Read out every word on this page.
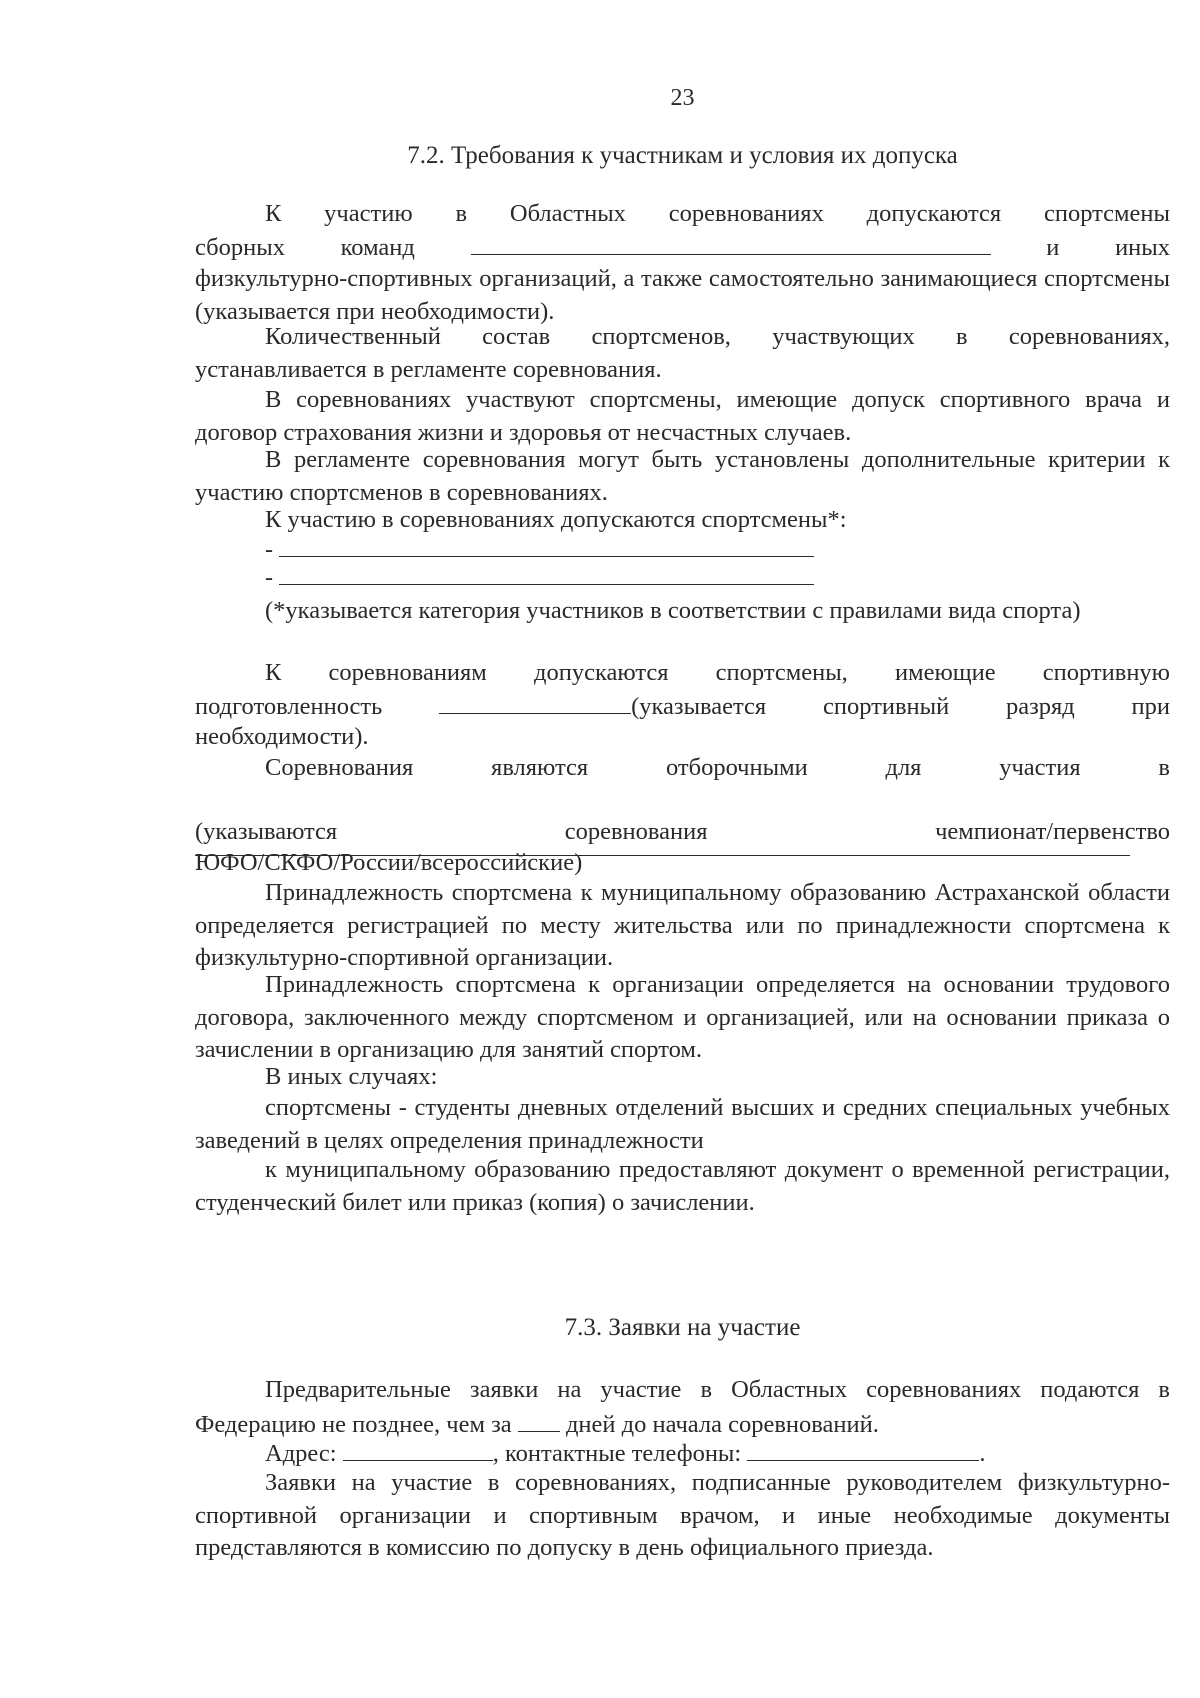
23
7.2. Требования к участникам и условия их допуска
К участию в Областных соревнованиях допускаются спортсмены
сборных команд	и иных
физкультурно-спортивных организаций, а также самостоятельно занимающиеся спортсмены (указывается при необходимости).
Количественный состав спортсменов, участвующих в соревнованиях, устанавливается в регламенте соревнования.
В соревнованиях участвуют спортсмены, имеющие допуск спортивного врача и договор страхования жизни и здоровья от несчастных случаев.
В регламенте соревнования могут быть установлены дополнительные критерии к участию спортсменов в соревнованиях.
К участию в соревнованиях допускаются спортсмены*:
-
-
(*указывается категория участников в соответствии с правилами вида спорта)
К соревнованиям допускаются спортсмены, имеющие спортивную
подготовленность	(указывается спортивный разряд при
необходимости).
Соревнования являются отборочными для участия в
(указываются соревнования чемпионат/первенство
ЮФО/СКФО/России/всероссийские)
Принадлежность спортсмена к муниципальному образованию Астраханской области определяется регистрацией по месту жительства или по принадлежности спортсмена к физкультурно-спортивной организации.
Принадлежность спортсмена к организации определяется на основании трудового договора, заключенного между спортсменом и организацией, или на основании приказа о зачислении в организацию для занятий спортом.
В иных случаях:
спортсмены - студенты дневных отделений высших и средних специальных учебных заведений в целях определения принадлежности
к муниципальному образованию предоставляют документ о временной регистрации, студенческий билет или приказ (копия) о зачислении.
7.3. Заявки на участие
Предварительные заявки на участие в Областных соревнованиях подаются в Федерацию не позднее, чем за дней до начала соревнований.
Адрес:	, контактные телефоны:	.
Заявки на участие в соревнованиях, подписанные руководителем физкультурно-спортивной организации и спортивным врачом, и иные необходимые документы представляются в комиссию по допуску в день официального приезда.
